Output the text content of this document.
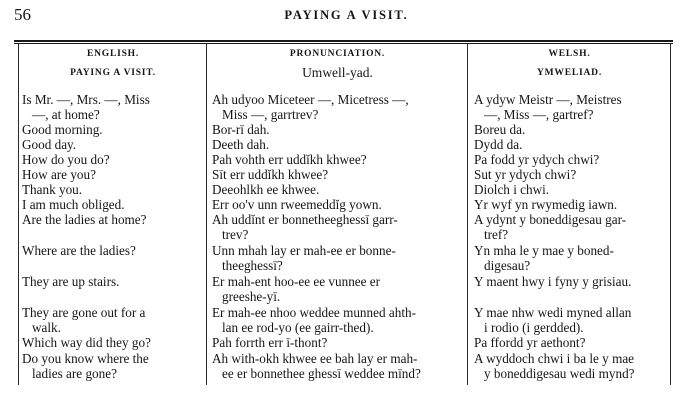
56	PAYING A VISIT.
ENGLISH.
PAYING A VISIT.
Is Mr. —, Mrs. —, Miss
—, at home?
Good morning.
Good day.
How do you do?
How are you?
Thank you.
I am much obliged.
Are the ladies at home?
Where are the ladies?
They are up stairs.
They are gone out for a
walk.
Which way did they go?
Do you know where the
ladies are gone?
PRONUNCIATION.
Umwell-yad.
Ah udyoo Miceteer —, Micetress —,
Miss —, garrtrev?
Bor-rī dah.
Deeth dah.
Pah vohth err uddĭkh khwee?
Sīt err uddĭkh khwee?
Deeohlkh ee khwee.
Err oo'v unn rweemeddĭg yown.
Ah uddĭnt er bonnetheeghessī garr-
trev?
Unn mhah lay er mah-ee er bonne-
theeghessī?
Er mah-ent hoo-ee ee vunnee er
greeshe-yī.
Er mah-ee nhoo weddee munned ahth-
lan ee rod-yo (ee gairr-thed).
Pah forrth err ī-thont?
Ah with-okh khwee ee bah lay er mah-
ee er bonnethee ghessī weddee mīnd?
WELSH.
YMWELIAD.
A ydyw Meistr —, Meistres
—, Miss —, gartref?
Boreu da.
Dydd da.
Pa fodd yr ydych chwi?
Sut yr ydych chwi?
Diolch i chwi.
Yr wyf yn rwymedig iawn.
A ydynt y boneddigesau gar-
tref?
Yn mha le y mae y boned-
digesau?
Y maent hwy i fyny y grisiau.
Y mae nhw wedi myned allan
i rodio (i gerdded).
Pa ffordd yr aethont?
A wyddoch chwi i ba le y mae
y boneddigesau wedi mynd?
